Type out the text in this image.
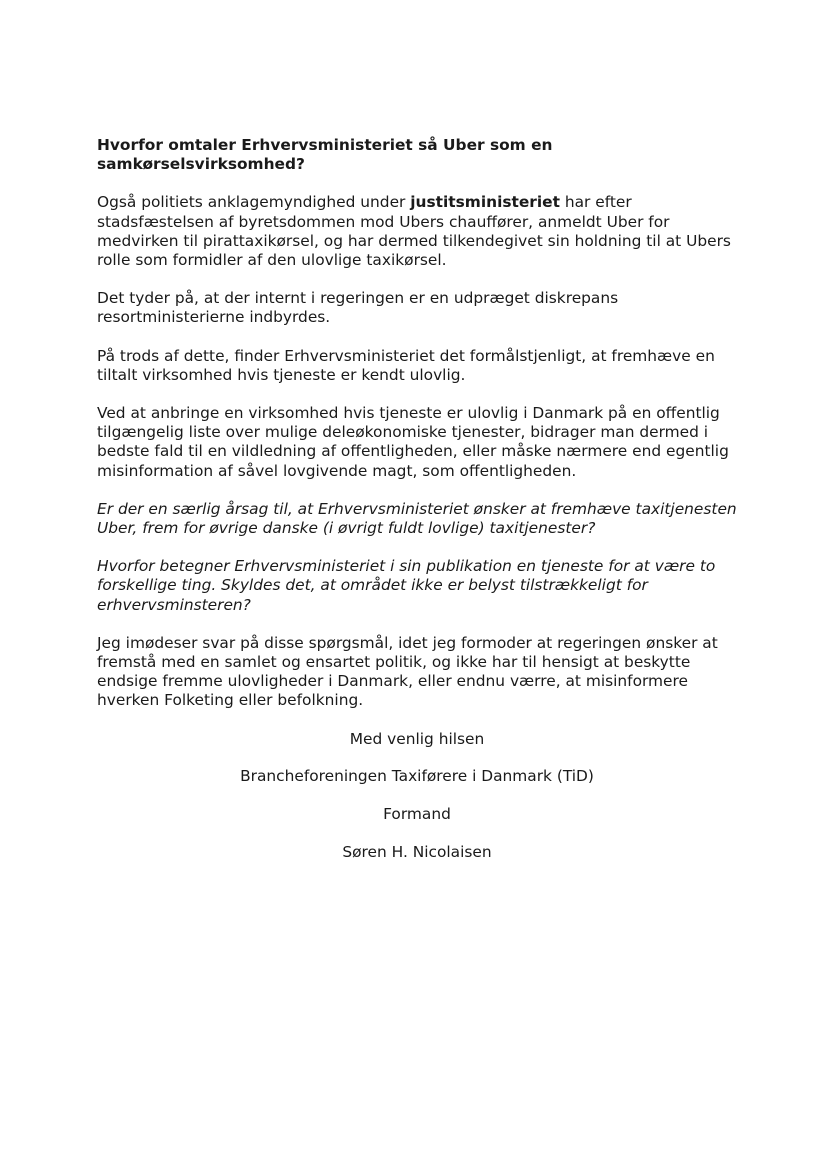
Hvorfor omtaler Erhvervsministeriet så Uber som en samkørselsvirksomhed?

Også politiets anklagemyndighed under justitsministeriet har efter stadsfæstelsen af byretsdommen mod Ubers chauffører, anmeldt Uber for medvirken til pirattaxikørsel, og har dermed tilkendegivet sin holdning til at Ubers rolle som formidler af den ulovlige taxikørsel.

Det tyder på, at der internt i regeringen er en udpræget diskrepans resortministerierne indbyrdes.

På trods af dette, finder Erhvervsministeriet det formålstjenligt, at fremhæve en tiltalt virksomhed hvis tjeneste er kendt ulovlig.

Ved at anbringe en virksomhed hvis tjeneste er ulovlig i Danmark på en offentlig tilgængelig liste over mulige deleøkonomiske tjenester, bidrager man dermed i bedste fald til en vildledning af offentligheden, eller måske nærmere end egentlig misinformation af såvel lovgivende magt, som offentligheden.

Er der en særlig årsag til, at Erhvervsministeriet ønsker at fremhæve taxitjenesten Uber, frem for øvrige danske (i øvrigt fuldt lovlige) taxitjenester?

Hvorfor betegner Erhvervsministeriet i sin publikation en tjeneste for at være to forskellige ting. Skyldes det, at området ikke er belyst tilstrækkeligt for erhvervsminsteren?

Jeg imødeser svar på disse spørgsmål, idet jeg formoder at regeringen ønsker at fremstå med en samlet og ensartet politik, og ikke har til hensigt at beskytte endsige fremme ulovligheder i Danmark, eller endnu værre, at misinformere hverken Folketing eller befolkning.

Med venlig hilsen

Brancheforeningen Taxiførere i Danmark (TiD)

Formand

Søren H. Nicolaisen
